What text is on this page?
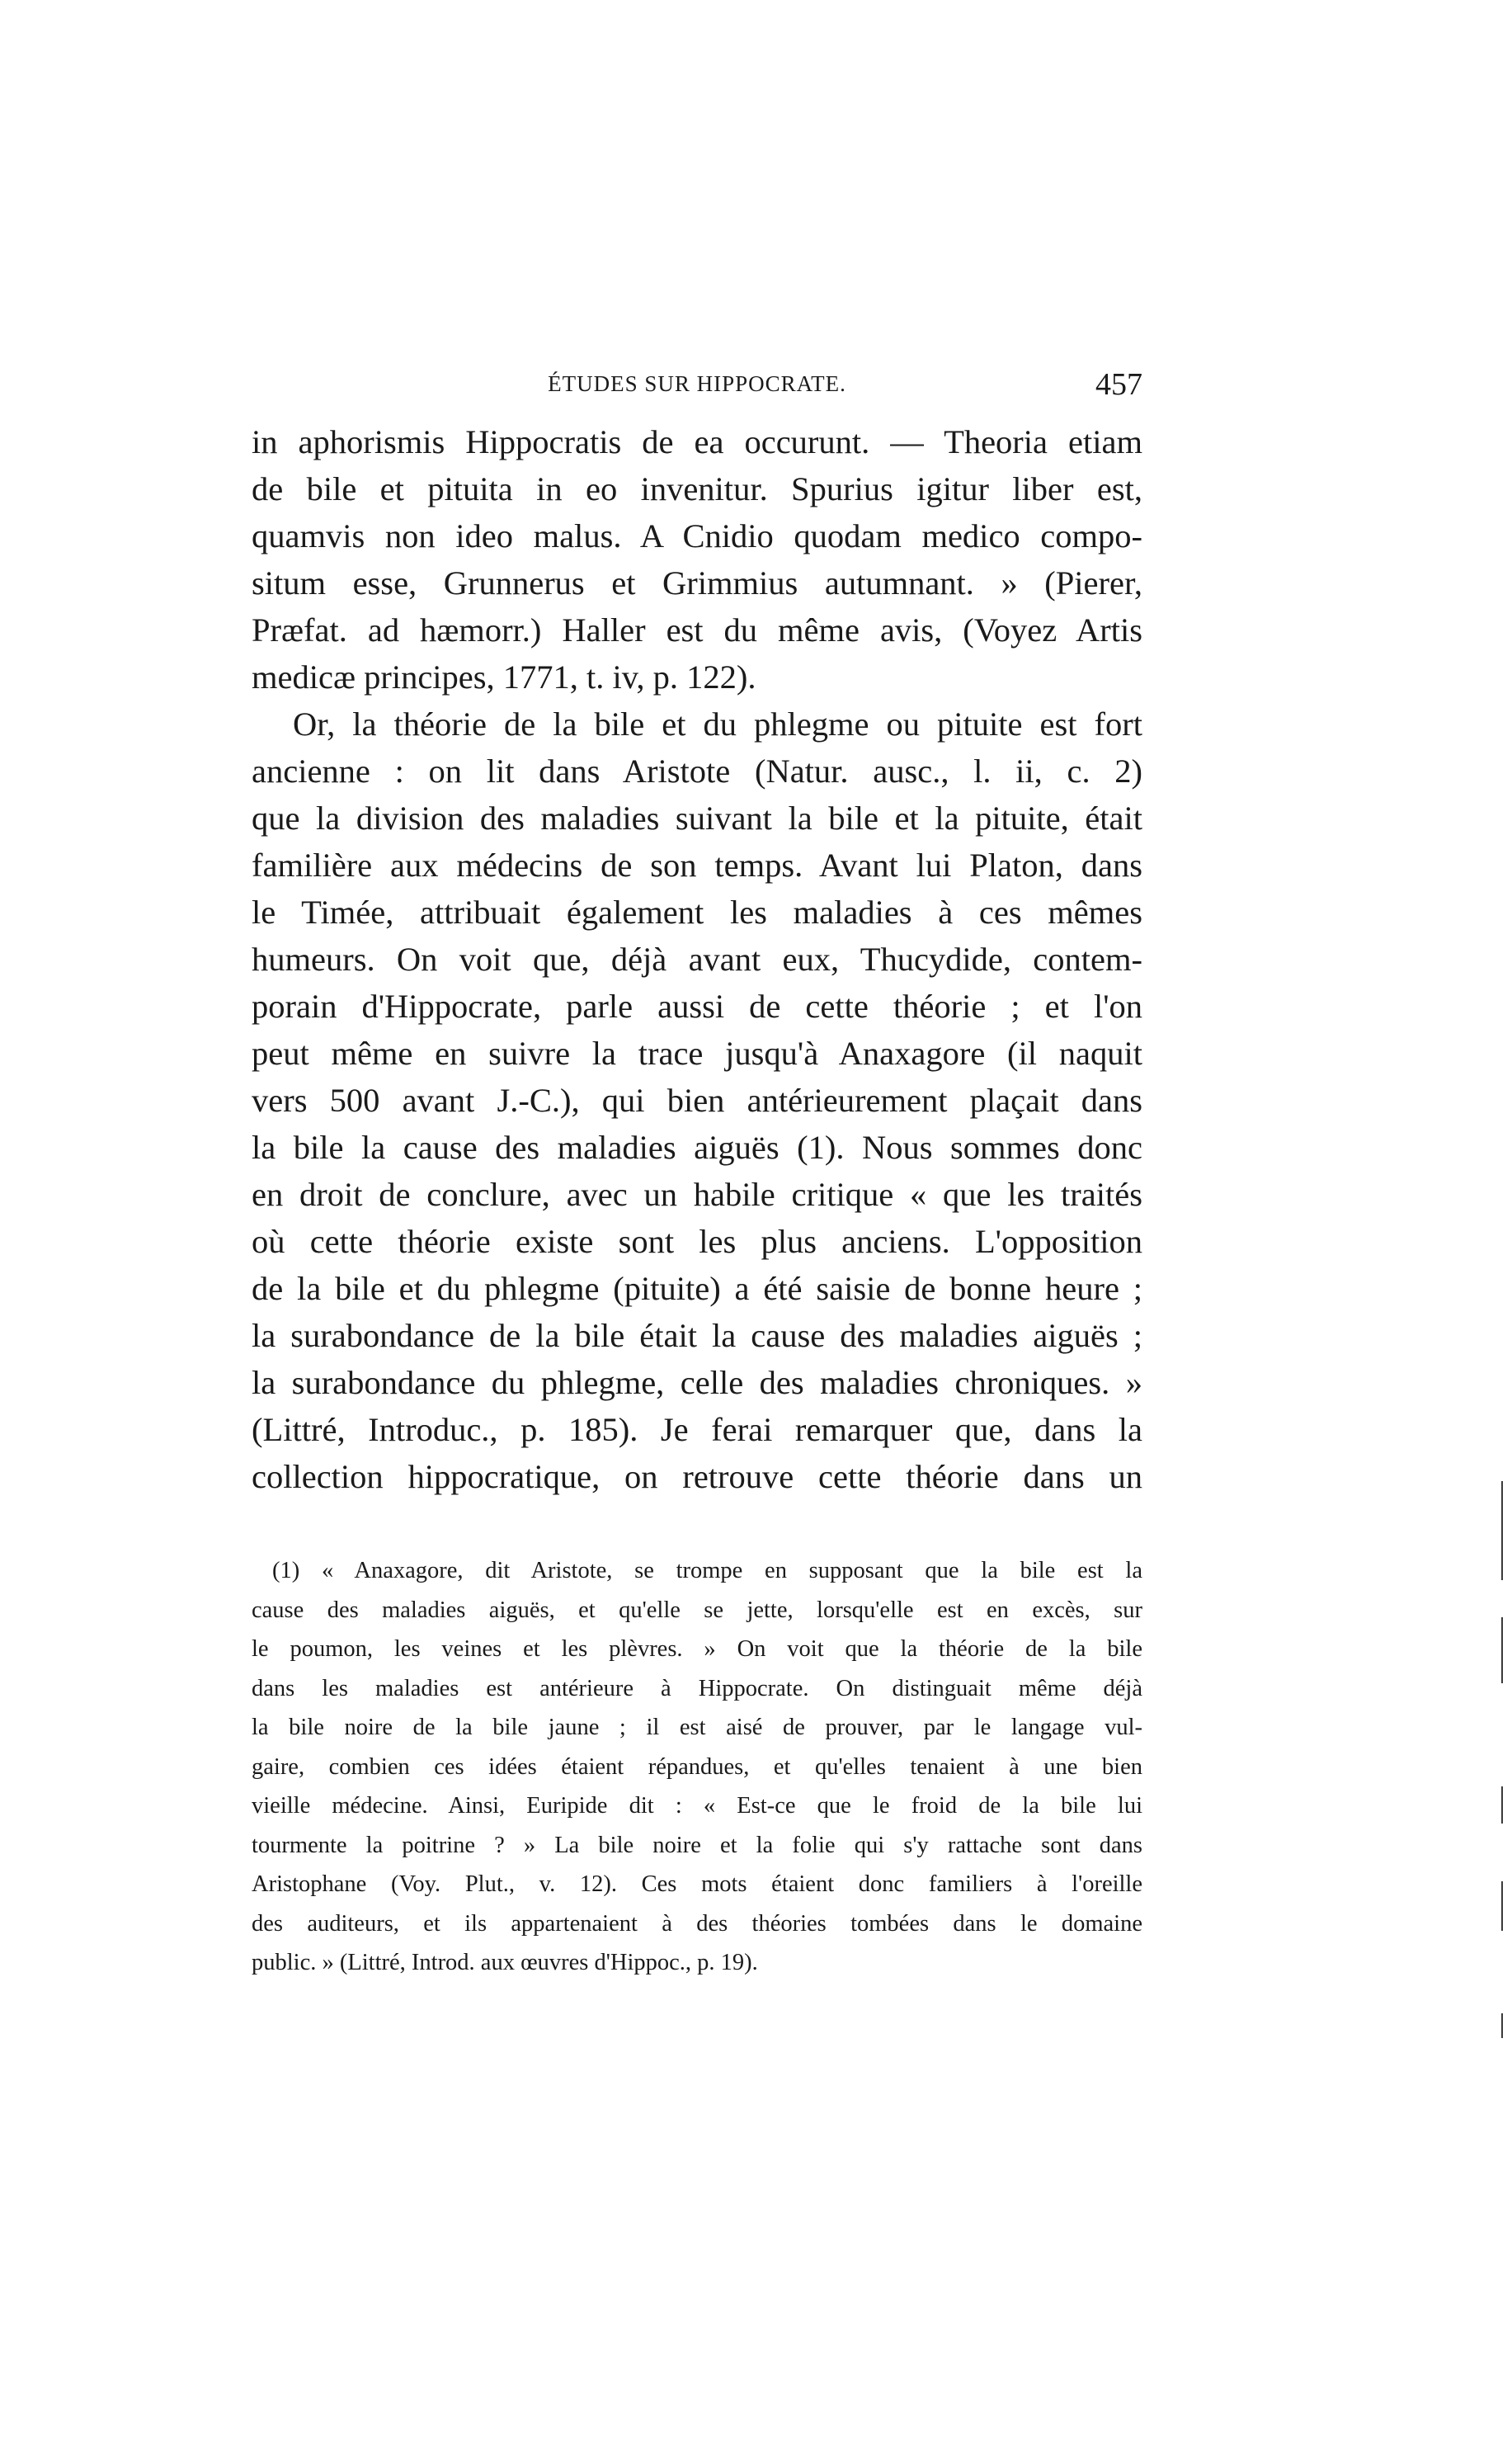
ÉTUDES SUR HIPPOCRATE.	457
in aphorismis Hippocratis de ea occurunt. — Theoria etiam
de bile et pituita in eo invenitur. Spurius igitur liber est,
quamvis non ideo malus. A Cnidio quodam medico compo-
situm esse, Grunnerus et Grimmius autumnant. » (Pierer,
Præfat. ad hæmorr.) Haller est du même avis, (Voyez Artis
medicæ principes, 1771, t. iv, p. 122).
Or, la théorie de la bile et du phlegme ou pituite est fort
ancienne : on lit dans Aristote (Natur. ausc., l. ii, c. 2)
que la division des maladies suivant la bile et la pituite, était
familière aux médecins de son temps. Avant lui Platon, dans
le Timée, attribuait également les maladies à ces mêmes
humeurs. On voit que, déjà avant eux, Thucydide, contem-
porain d'Hippocrate, parle aussi de cette théorie ; et l'on
peut même en suivre la trace jusqu'à Anaxagore (il naquit
vers 500 avant J.-C.), qui bien antérieurement plaçait dans
la bile la cause des maladies aiguës (1). Nous sommes donc
en droit de conclure, avec un habile critique « que les traités
où cette théorie existe sont les plus anciens. L'opposition
de la bile et du phlegme (pituite) a été saisie de bonne heure ;
la surabondance de la bile était la cause des maladies aiguës ;
la surabondance du phlegme, celle des maladies chroniques. »
(Littré, Introduc., p. 185). Je ferai remarquer que, dans la
collection hippocratique, on retrouve cette théorie dans un
(1) « Anaxagore, dit Aristote, se trompe en supposant que la bile est la
cause des maladies aiguës, et qu'elle se jette, lorsqu'elle est en excès, sur
le poumon, les veines et les plèvres. » On voit que la théorie de la bile
dans les maladies est antérieure à Hippocrate. On distinguait même déjà
la bile noire de la bile jaune ; il est aisé de prouver, par le langage vul-
gaire, combien ces idées étaient répandues, et qu'elles tenaient à une bien
vieille médecine. Ainsi, Euripide dit : « Est-ce que le froid de la bile lui
tourmente la poitrine ? » La bile noire et la folie qui s'y rattache sont dans
Aristophane (Voy. Plut., v. 12). Ces mots étaient donc familiers à l'oreille
des auditeurs, et ils appartenaient à des théories tombées dans le domaine
public. » (Littré, Introd. aux œuvres d'Hippoc., p. 19).
